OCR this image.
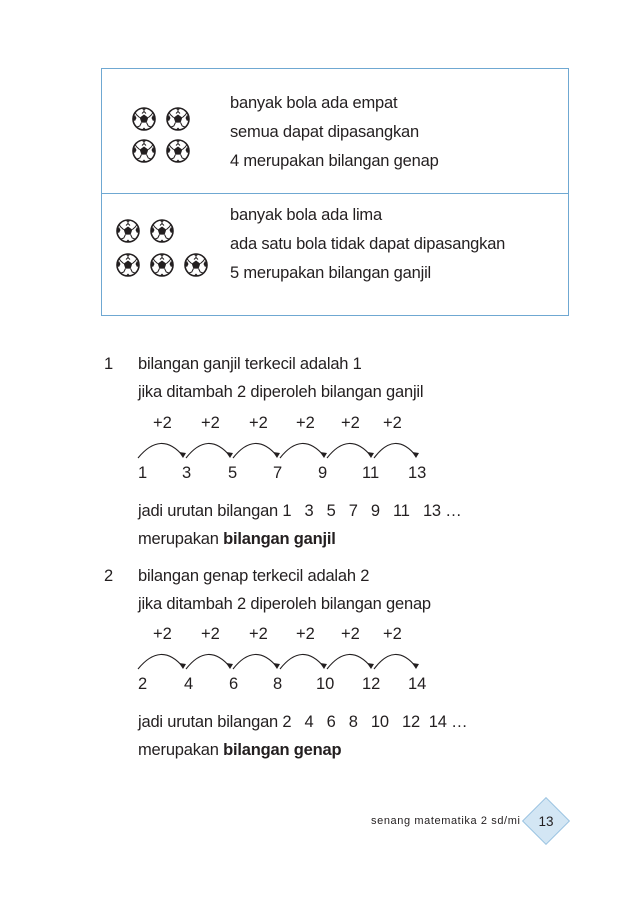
banyak bola ada empat
semua dapat dipasangkan
4 merupakan bilangan genap
banyak bola ada lima
ada satu bola tidak dapat dipasangkan
5 merupakan bilangan ganjil
1 bilangan ganjil terkecil adalah 1
jika ditambah 2 diperoleh bilangan ganjil
+2 +2 +2 +2 +2 +2
1 3 5 7 9 11 13
jadi urutan bilangan 1   3   5   7   9   11   13 …
merupakan bilangan ganjil
2 bilangan genap terkecil adalah 2
jika ditambah 2 diperoleh bilangan genap
+2 +2 +2 +2 +2 +2
2 4 6 8 10 12 14
jadi urutan bilangan 2   4   6   8   10   12  14 …
merupakan bilangan genap
senang matematika 2 sd/mi	13
